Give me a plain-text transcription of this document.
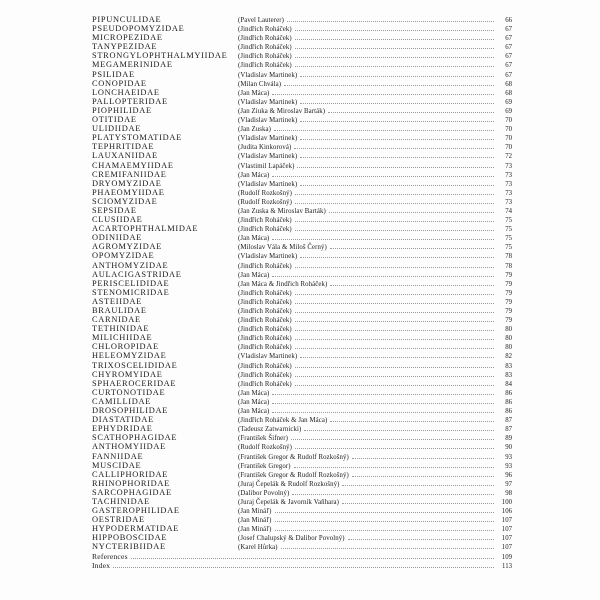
PIPUNCULIDAE	(Pavel Lauterer)	66
PSEUDOPOMYZIDAE	(Jindřich Roháček)	67
MICROPEZIDAE	(Jindřich Roháček)	67
TANYPEZIDAE	(Jindřich Roháček)	67
STRONGYLOPHTHALMYIIDAE	(Jindřich Roháček)	67
MEGAMERINIDAE	(Jindřich Roháček)	67
PSILIDAE	(Vladislav Martinek)	67
CONOPIDAE	(Milan Chvála)	68
LONCHAEIDAE	(Jan Máca)	68
PALLOPTERIDAE	(Vladislav Martinek)	69
PIOPHILIDAE	(Jan Ziuka & Miroslav Barták)	69
OTITIDAE	(Vladislav Martinek)	70
ULIDIIDAE	(Jan Zuska)	70
PLATYSTOMATIDAE	(Vladislav Martinek)	70
TEPHRITIDAE	(Judita Kinkorová)	70
LAUXANIIDAE	(Vladislav Martinek)	72
CHAMAEMYIIDAE	(Vlastimil Lapáček)	73
CREMIFANIIDAE	(Jan Máca)	73
DRYOMYZIDAE	(Vladislav Martinek)	73
PHAEOMYIIDAE	(Rudolf Rozkošný)	73
SCIOMYZIDAE	(Rudolf Rozkošný)	73
SEPSIDAE	(Jan Zuska & Miroslav Barták)	74
CLUSIIDAE	(Jindřich Roháček)	75
ACARTOPHTHALMIDAE	(Jindřich Roháček)	75
ODINIIDAE	(Jan Máca)	75
AGROMYZIDAE	(Miloslav Vála & Miloš Černý)	75
OPOMYZIDAE	(Vladislav Martinek)	78
ANTHOMYZIDAE	(Jindřich Roháček)	78
AULACIGASTRIDAE	(Jan Máca)	79
PERISCELIDIDAE	(Jan Máca & Jindřich Roháček)	79
STENOMICRIDAE	(Jindřich Roháček)	79
ASTEIIDAE	(Jindřich Roháček)	79
BRAULIDAE	(Jindřich Roháček)	79
CARNIDAE	(Jindřich Roháček)	79
TETHINIDAE	(Jindřich Roháček)	80
MILICHIIDAE	(Jindřich Roháček)	80
CHLOROPIDAE	(Jindřich Roháček)	80
HELEOMYZIDAE	(Vladislav Martinek)	82
TRIXOSCELIDIDAE	(Jindřich Roháček)	83
CHYROMYIDAE	(Jindřich Roháček)	83
SPHAEROCERIDAE	(Jindřich Roháček)	84
CURTONOTIDAE	(Jan Máca)	86
CAMILLIDAE	(Jan Máca)	86
DROSOPHILIDAE	(Jan Máca)	86
DIASTATIDAE	(Jindřich Roháček & Jan Máca)	87
EPHYDRIDAE	(Tadeusz Zatwarnicki)	87
SCATHOPHAGIDAE	(František Šifner)	89
ANTHOMYIIDAE	(Rudolf Rozkošný)	90
FANNIIDAE	(František Gregor & Rudolf Rozkošný)	93
MUSCIDAE	(František Gregor)	93
CALLIPHORIDAE	(František Gregor & Rudolf Rozkošný)	96
RHINOPHORIDAE	(Juraj Čepelák & Rudolf Rozkošný)	97
SARCOPHAGIDAE	(Dalibor Povolný)	98
TACHINIDAE	(Juraj Čepelák & Javorník Vaňhara)	100
GASTEROPHILIDAE	(Jan Mináľ)	106
OESTRIDAE	(Jan Mináľ)	107
HYPODERMATIDAE	(Jan Mináľ)	107
HIPPOBOSCIDAE	(Josef Chalupský & Dalibor Povolný)	107
NYCTERIBIIDAE	(Karel Hůrka)	107
References	109
Index	113
